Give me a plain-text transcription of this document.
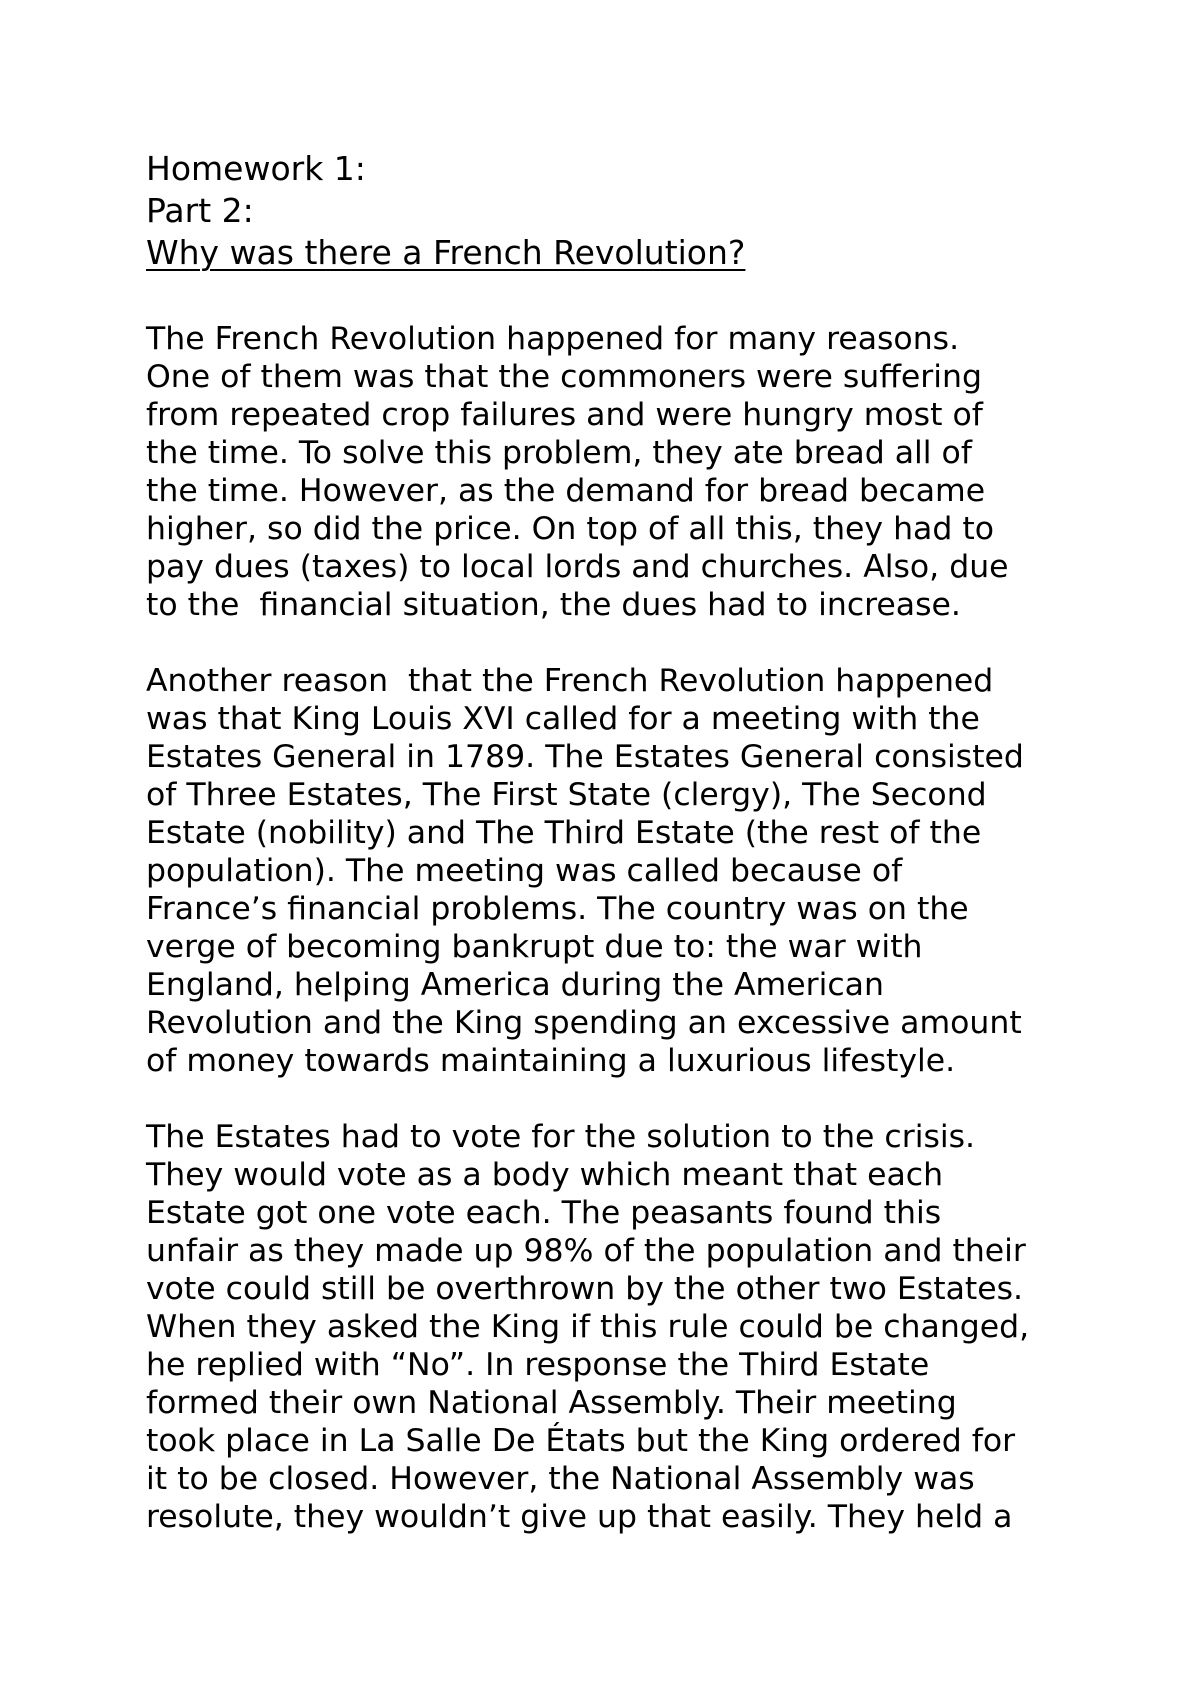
Homework 1:
Part 2:
Why was there a French Revolution?
The French Revolution happened for many reasons.
One of them was that the commoners were suffering
from repeated crop failures and were hungry most of
the time. To solve this problem, they ate bread all of
the time. However, as the demand for bread became
higher, so did the price. On top of all this, they had to
pay dues (taxes) to local lords and churches. Also, due
to the  financial situation, the dues had to increase.
Another reason  that the French Revolution happened
was that King Louis XVI called for a meeting with the
Estates General in 1789. The Estates General consisted
of Three Estates, The First State (clergy), The Second
Estate (nobility) and The Third Estate (the rest of the
population). The meeting was called because of
France’s financial problems. The country was on the
verge of becoming bankrupt due to: the war with
England, helping America during the American
Revolution and the King spending an excessive amount
of money towards maintaining a luxurious lifestyle.
The Estates had to vote for the solution to the crisis.
They would vote as a body which meant that each
Estate got one vote each. The peasants found this
unfair as they made up 98% of the population and their
vote could still be overthrown by the other two Estates.
When they asked the King if this rule could be changed,
he replied with “No”. In response the Third Estate
formed their own National Assembly. Their meeting
took place in La Salle De États but the King ordered for
it to be closed. However, the National Assembly was
resolute, they wouldn’t give up that easily. They held a
